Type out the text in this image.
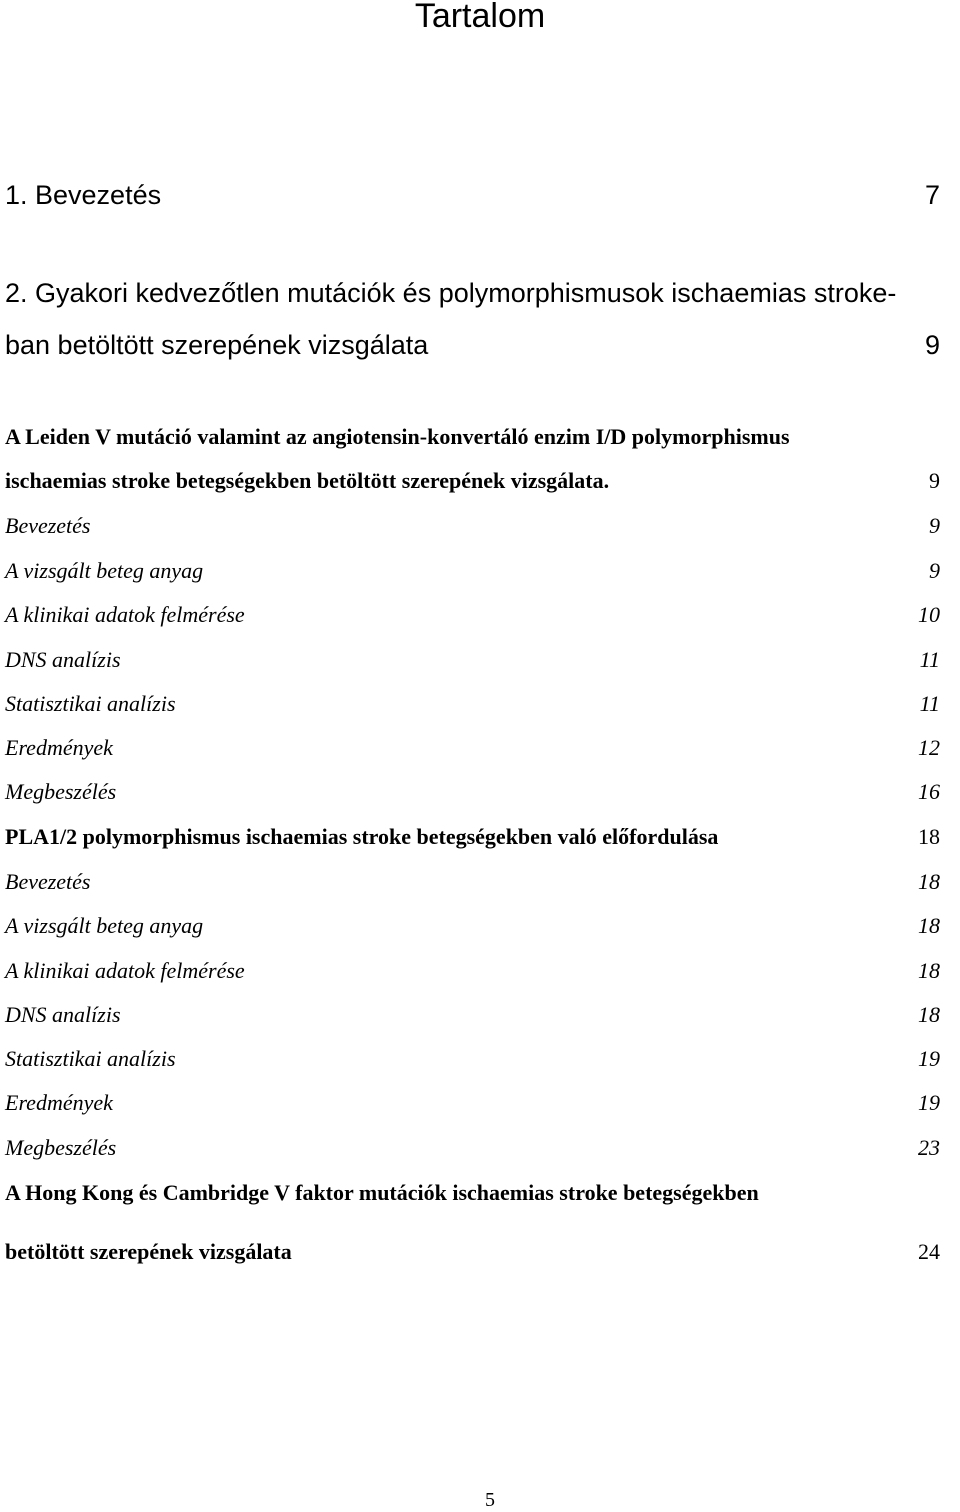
Tartalom
1. Bevezetés	7
2. Gyakori kedvezőtlen mutációk és polymorphismusok ischaemias stroke-
ban betöltött szerepének vizsgálata	9
A Leiden V mutáció valamint az angiotensin-konvertáló enzim I/D polymorphismus
ischaemias stroke betegségekben betöltött szerepének vizsgálata.	9
Bevezetés	9
A vizsgált beteg anyag	9
A klinikai adatok felmérése	10
DNS analízis	11
Statisztikai analízis	11
Eredmények	12
Megbeszélés	16
PLA1/2 polymorphismus ischaemias stroke betegségekben való előfordulása	18
Bevezetés	18
A vizsgált beteg anyag	18
A klinikai adatok felmérése	18
DNS analízis	18
Statisztikai analízis	19
Eredmények	19
Megbeszélés	23
A Hong Kong és Cambridge V faktor mutációk ischaemias stroke betegségekben
betöltött szerepének vizsgálata	24
5
